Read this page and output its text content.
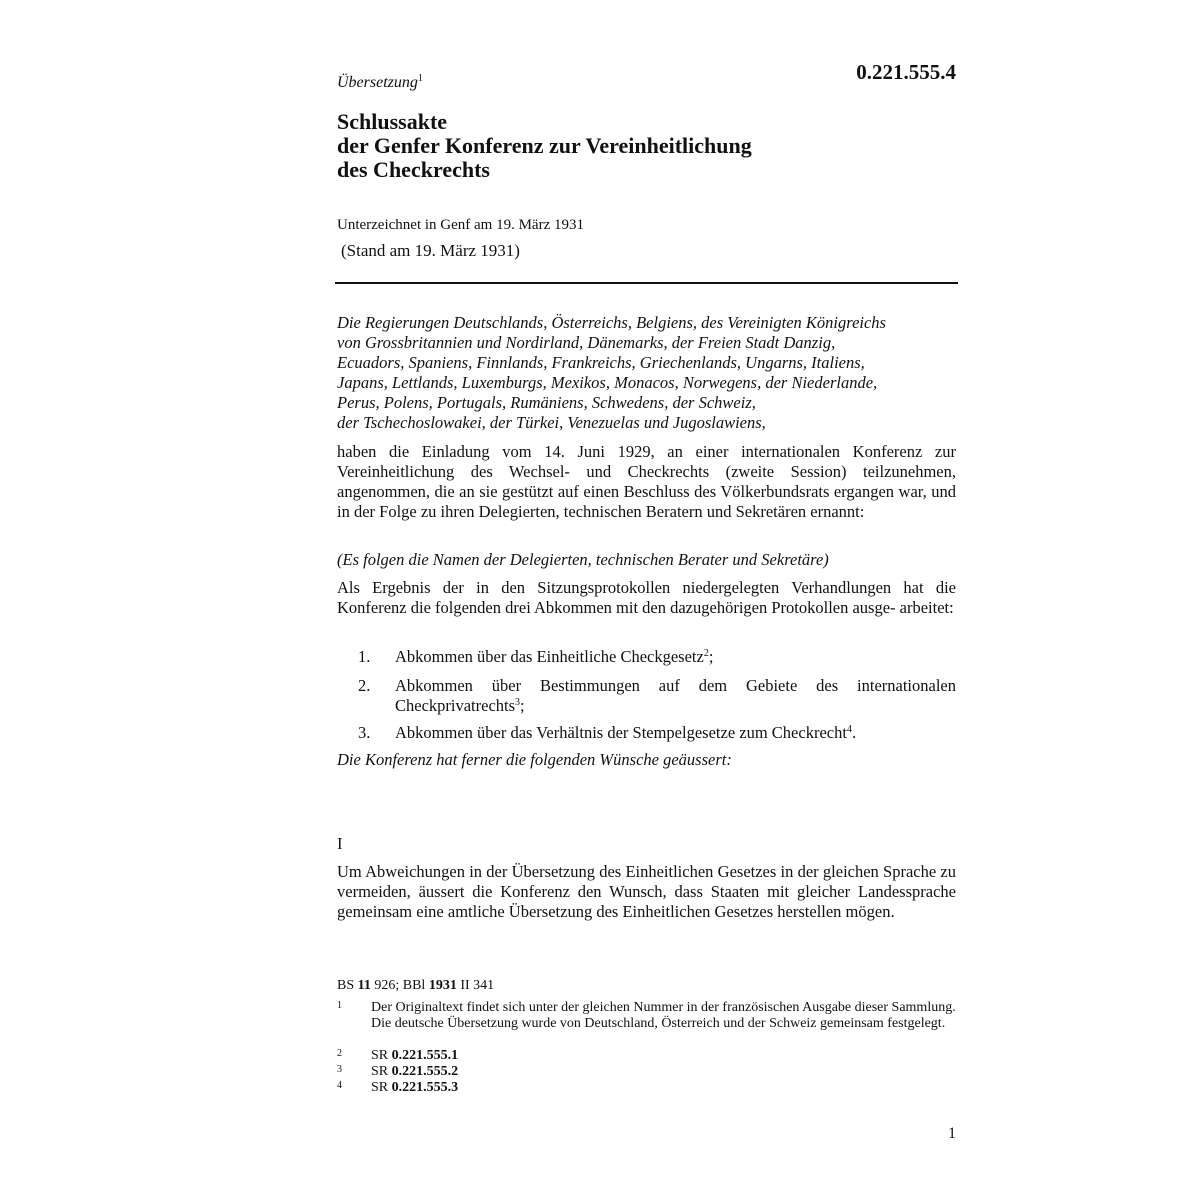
Übersetzung$^1$	0.221.555.4
Schlussakte
der Genfer Konferenz zur Vereinheitlichung
des Checkrechts
Unterzeichnet in Genf am 19. März 1931
(Stand am 19. März 1931)
Die Regierungen Deutschlands, Österreichs, Belgiens, des Vereinigten Königreichs
von Grossbritannien und Nordirland, Dänemarks, der Freien Stadt Danzig,
Ecuadors, Spaniens, Finnlands, Frankreichs, Griechenlands, Ungarns, Italiens,
Japans, Lettlands, Luxemburgs, Mexikos, Monacos, Norwegens, der Niederlande,
Perus, Polens, Portugals, Rumäniens, Schwedens, der Schweiz,
der Tschechoslowakei, der Türkei, Venezuelas und Jugoslawiens,
haben die Einladung vom 14. Juni 1929, an einer internationalen Konferenz zur Vereinheitlichung des Wechsel- und Checkrechts (zweite Session) teilzunehmen, angenommen, die an sie gestützt auf einen Beschluss des Völkerbundsrats ergangen war, und in der Folge zu ihren Delegierten, technischen Beratern und Sekretären ernannt:
(Es folgen die Namen der Delegierten, technischen Berater und Sekretäre)
Als Ergebnis der in den Sitzungsprotokollen niedergelegten Verhandlungen hat die Konferenz die folgenden drei Abkommen mit den dazugehörigen Protokollen ausge- arbeitet:
1. Abkommen über das Einheitliche Checkgesetz$^2$;
2. Abkommen über Bestimmungen auf dem Gebiete des internationalen Checkprivatrechts$^3$;
3. Abkommen über das Verhältnis der Stempelgesetze zum Checkrecht$^4$.
Die Konferenz hat ferner die folgenden Wünsche geäussert:
I
Um Abweichungen in der Übersetzung des Einheitlichen Gesetzes in der gleichen Sprache zu vermeiden, äussert die Konferenz den Wunsch, dass Staaten mit gleicher Landessprache gemeinsam eine amtliche Übersetzung des Einheitlichen Gesetzes herstellen mögen.
BS 11 926; BBl 1931 II 341
1 Der Originaltext findet sich unter der gleichen Nummer in der französischen Ausgabe dieser Sammlung. Die deutsche Übersetzung wurde von Deutschland, Österreich und der Schweiz gemeinsam festgelegt.
2 SR 0.221.555.1
3 SR 0.221.555.2
4 SR 0.221.555.3
1
